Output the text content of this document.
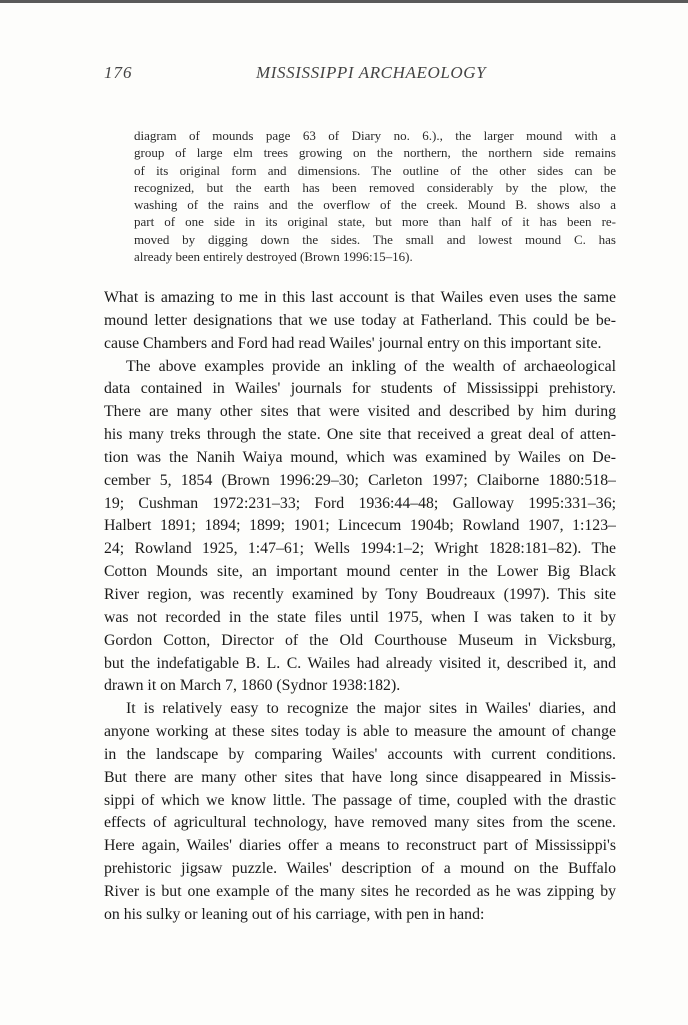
176	MISSISSIPPI ARCHAEOLOGY
diagram of mounds page 63 of Diary no. 6.)., the larger mound with a
group of large elm trees growing on the northern, the northern side remains
of its original form and dimensions. The outline of the other sides can be
recognized, but the earth has been removed considerably by the plow, the
washing of the rains and the overflow of the creek. Mound B. shows also a
part of one side in its original state, but more than half of it has been re-
moved by digging down the sides. The small and lowest mound C. has
already been entirely destroyed (Brown 1996:15–16).
What is amazing to me in this last account is that Wailes even uses the same
mound letter designations that we use today at Fatherland. This could be be-
cause Chambers and Ford had read Wailes' journal entry on this important site.
The above examples provide an inkling of the wealth of archaeological
data contained in Wailes' journals for students of Mississippi prehistory.
There are many other sites that were visited and described by him during
his many treks through the state. One site that received a great deal of atten-
tion was the Nanih Waiya mound, which was examined by Wailes on De-
cember 5, 1854 (Brown 1996:29–30; Carleton 1997; Claiborne 1880:518–
19; Cushman 1972:231–33; Ford 1936:44–48; Galloway 1995:331–36;
Halbert 1891; 1894; 1899; 1901; Lincecum 1904b; Rowland 1907, 1:123–
24; Rowland 1925, 1:47–61; Wells 1994:1–2; Wright 1828:181–82). The
Cotton Mounds site, an important mound center in the Lower Big Black
River region, was recently examined by Tony Boudreaux (1997). This site
was not recorded in the state files until 1975, when I was taken to it by
Gordon Cotton, Director of the Old Courthouse Museum in Vicksburg,
but the indefatigable B. L. C. Wailes had already visited it, described it, and
drawn it on March 7, 1860 (Sydnor 1938:182).
It is relatively easy to recognize the major sites in Wailes' diaries, and
anyone working at these sites today is able to measure the amount of change
in the landscape by comparing Wailes' accounts with current conditions.
But there are many other sites that have long since disappeared in Missis-
sippi of which we know little. The passage of time, coupled with the drastic
effects of agricultural technology, have removed many sites from the scene.
Here again, Wailes' diaries offer a means to reconstruct part of Mississippi's
prehistoric jigsaw puzzle. Wailes' description of a mound on the Buffalo
River is but one example of the many sites he recorded as he was zipping by
on his sulky or leaning out of his carriage, with pen in hand:
